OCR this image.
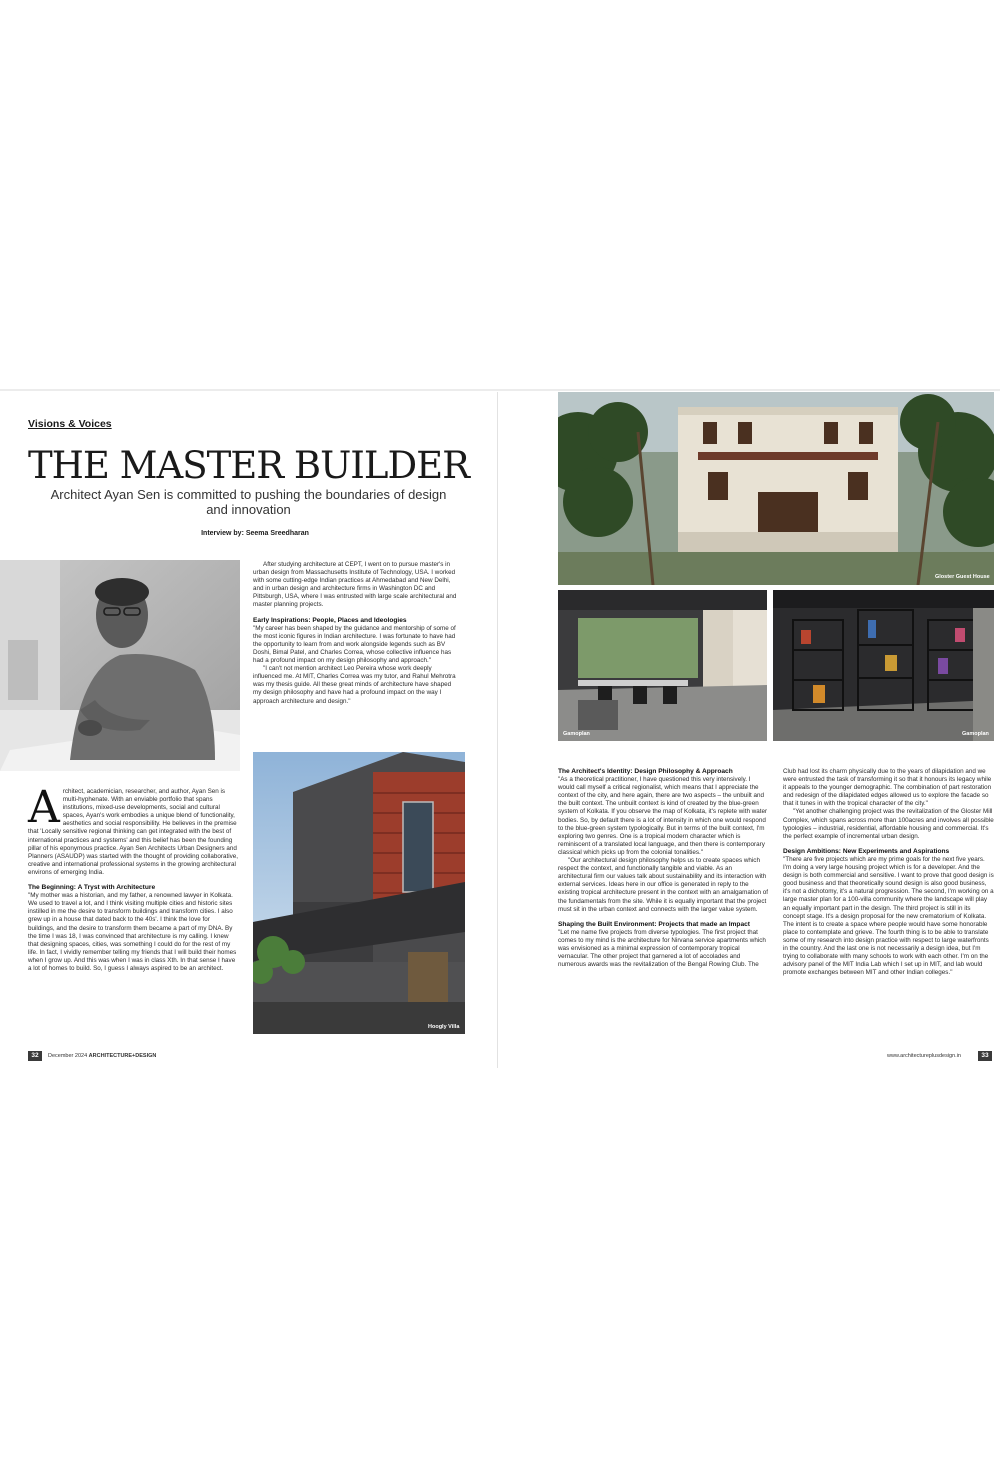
Visions & Voices
THE MASTER BUILDER
Architect Ayan Sen is committed to pushing the boundaries of design and innovation
Interview by: Seema Sreedharan

After studying architecture at CEPT, I went on to pursue master's in urban design from Massachusetts Institute of Technology, USA. I worked with some cutting-edge Indian practices at Ahmedabad and New Delhi, and in urban design and architecture firms in Washington DC and Pittsburgh, USA, where I was entrusted with large scale architectural and master planning projects.

Early Inspirations: People, Places and Ideologies

"My career has been shaped by the guidance and mentorship of some of the most iconic figures in Indian architecture. I was fortunate to have had the opportunity to learn from and work alongside legends such as BV Doshi, Bimal Patel, and Charles Correa, whose collective influence has had a profound impact on my design philosophy and approach."

"I can't not mention architect Leo Pereira whose work deeply influenced me. At MIT, Charles Correa was my tutor, and Rahul Mehrotra was my thesis guide. All these great minds of architecture have shaped my design philosophy and have had a profound impact on the way I approach architecture and design."

A rchitect, academician, researcher, and author, Ayan Sen is multi-hyphenate. With an enviable portfolio that spans institutions, mixed-use developments, social and cultural spaces, Ayan's work embodies a unique blend of functionality, aesthetics and social responsibility. He believes in the premise that 'Locally sensitive regional thinking can get integrated with the best of international practices and systems' and this belief has been the founding pillar of his eponymous practice. Ayan Sen Architects Urban Designers and Planners (ASAUDP) was started with the thought of providing collaborative, creative and international professional systems in the growing architectural environs of emerging India.

The Beginning: A Tryst with Architecture

"My mother was a historian, and my father, a renowned lawyer in Kolkata. We used to travel a lot, and I think visiting multiple cities and historic sites instilled in me the desire to transform buildings and transform cities. I also grew up in a house that dated back to the 40s'. I think the love for buildings, and the desire to transform them became a part of my DNA. By the time I was 18, I was convinced that architecture is my calling. I knew that designing spaces, cities, was something I could do for the rest of my life. In fact, I vividly remember telling my friends that I will build their homes when I grow up. And this was when I was in class Xth. In that sense I have a lot of homes to build. So, I guess I always aspired to be an architect.

Hoogly Villa
32	December 2024 ARCHITECTURE+DESIGN
Gloster Guest House
Gamoplan	Gamoplan
The Architect's Identity: Design Philosophy & Approach

"As a theoretical practitioner, I have questioned this very intensively. I would call myself a critical regionalist, which means that I appreciate the context of the city, and here again, there are two aspects – the unbuilt and the built context. The unbuilt context is kind of created by the blue-green system of Kolkata. If you observe the map of Kolkata, it's replete with water bodies. So, by default there is a lot of intensity in which one would respond to the blue-green system typologically. But in terms of the built context, I'm exploring two genres. One is a tropical modern character which is reminiscent of a translated local language, and then there is contemporary classical which picks up from the colonial tonalities."

"Our architectural design philosophy helps us to create spaces which respect the context, and functionally tangible and viable. As an architectural firm our values talk about sustainability and its interaction with external services. Ideas here in our office is generated in reply to the existing tropical architecture present in the context with an amalgamation of the fundamentals from the site. While it is equally important that the project must sit in the urban context and connects with the larger value system.

Shaping the Built Environment: Projects that made an Impact

"Let me name five projects from diverse typologies. The first project that comes to my mind is the architecture for Nirvana service apartments which was envisioned as a minimal expression of contemporary tropical vernacular. The other project that garnered a lot of accolades and numerous awards was the revitalization of the Bengal Rowing Club. The

Club had lost its charm physically due to the years of dilapidation and we were entrusted the task of transforming it so that it honours its legacy while it appeals to the younger demographic. The combination of part restoration and redesign of the dilapidated edges allowed us to explore the facade so that it tunes in with the tropical character of the city."

"Yet another challenging project was the revitalization of the Gloster Mill Complex, which spans across more than 100acres and involves all possible typologies – industrial, residential, affordable housing and commercial. It's the perfect example of incremental urban design.

Design Ambitions: New Experiments and Aspirations

"There are five projects which are my prime goals for the next five years. I'm doing a very large housing project which is for a developer. And the design is both commercial and sensitive. I want to prove that good design is good business and that theoretically sound design is also good business, it's not a dichotomy, it's a natural progression. The second, I'm working on a large master plan for a 100-villa community where the landscape will play an equally important part in the design. The third project is still in its concept stage. It's a design proposal for the new crematorium of Kolkata. The intent is to create a space where people would have some honorable place to contemplate and grieve. The fourth thing is to be able to translate some of my research into design practice with respect to large waterfronts in the country. And the last one is not necessarily a design idea, but I'm trying to collaborate with many schools to work with each other. I'm on the advisory panel of the MIT India Lab which I set up in MIT, and lab would promote exchanges between MIT and other Indian colleges."

www.architectureplusdesign.in	33
